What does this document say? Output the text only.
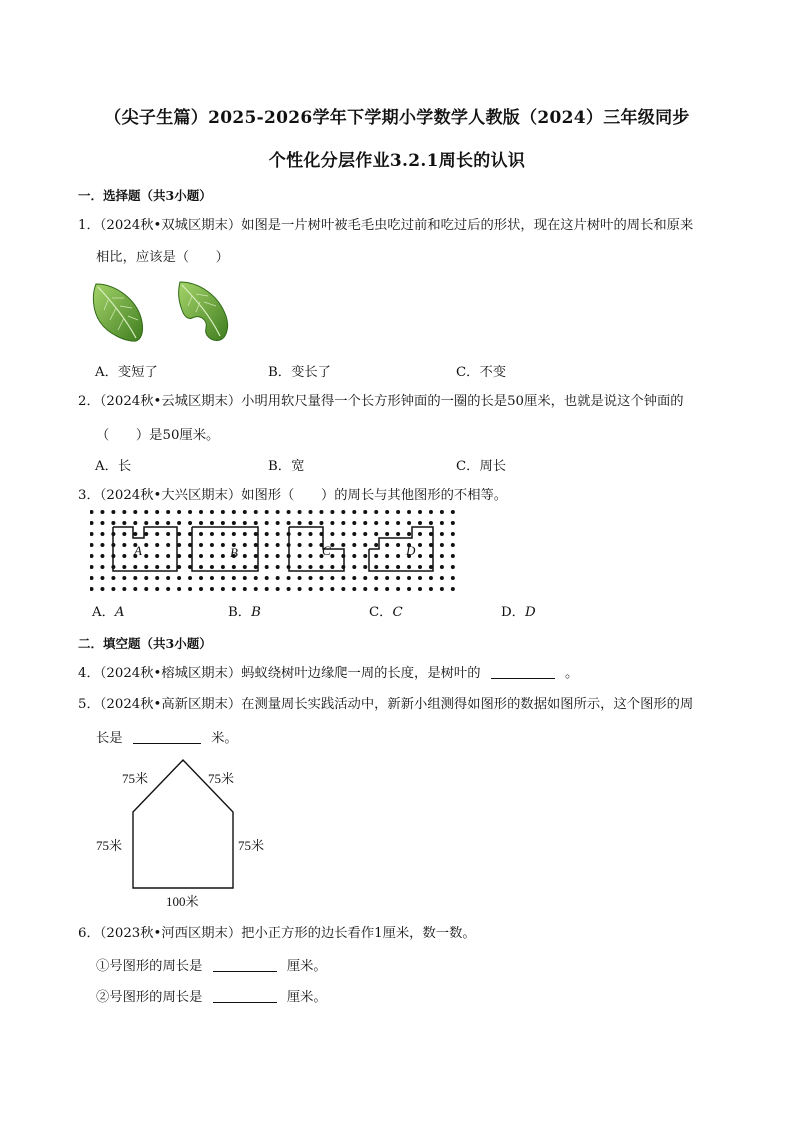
（尖子生篇）2025-2026学年下学期小学数学人教版（2024）三年级同步
个性化分层作业3.2.1周长的认识
一．选择题（共3小题）
1．（2024秋•双城区期末）如图是一片树叶被毛毛虫吃过前和吃过后的形状，现在这片树叶的周长和原来
相比，应该是（　　）
A．变短了	B．变长了	C．不变
2．（2024秋•云城区期末）小明用软尺量得一个长方形钟面的一圈的长是50厘米，也就是说这个钟面的
（　　）是50厘米。
A．长	B．宽	C．周长
3．（2024秋•大兴区期末）如图形（　　）的周长与其他图形的不相等。
A	B	C	D
A．A	B．B	C．C	D．D
二．填空题（共3小题）
4．（2024秋•榕城区期末）蚂蚁绕树叶边缘爬一周的长度，是树叶的	。
5．（2024秋•高新区期末）在测量周长实践活动中，新新小组测得如图形的数据如图所示，这个图形的周
长是	米。
75米	75米
75米	75米
100米
6．（2023秋•河西区期末）把小正方形的边长看作1厘米，数一数。
①号图形的周长是	厘米。
②号图形的周长是	厘米。
